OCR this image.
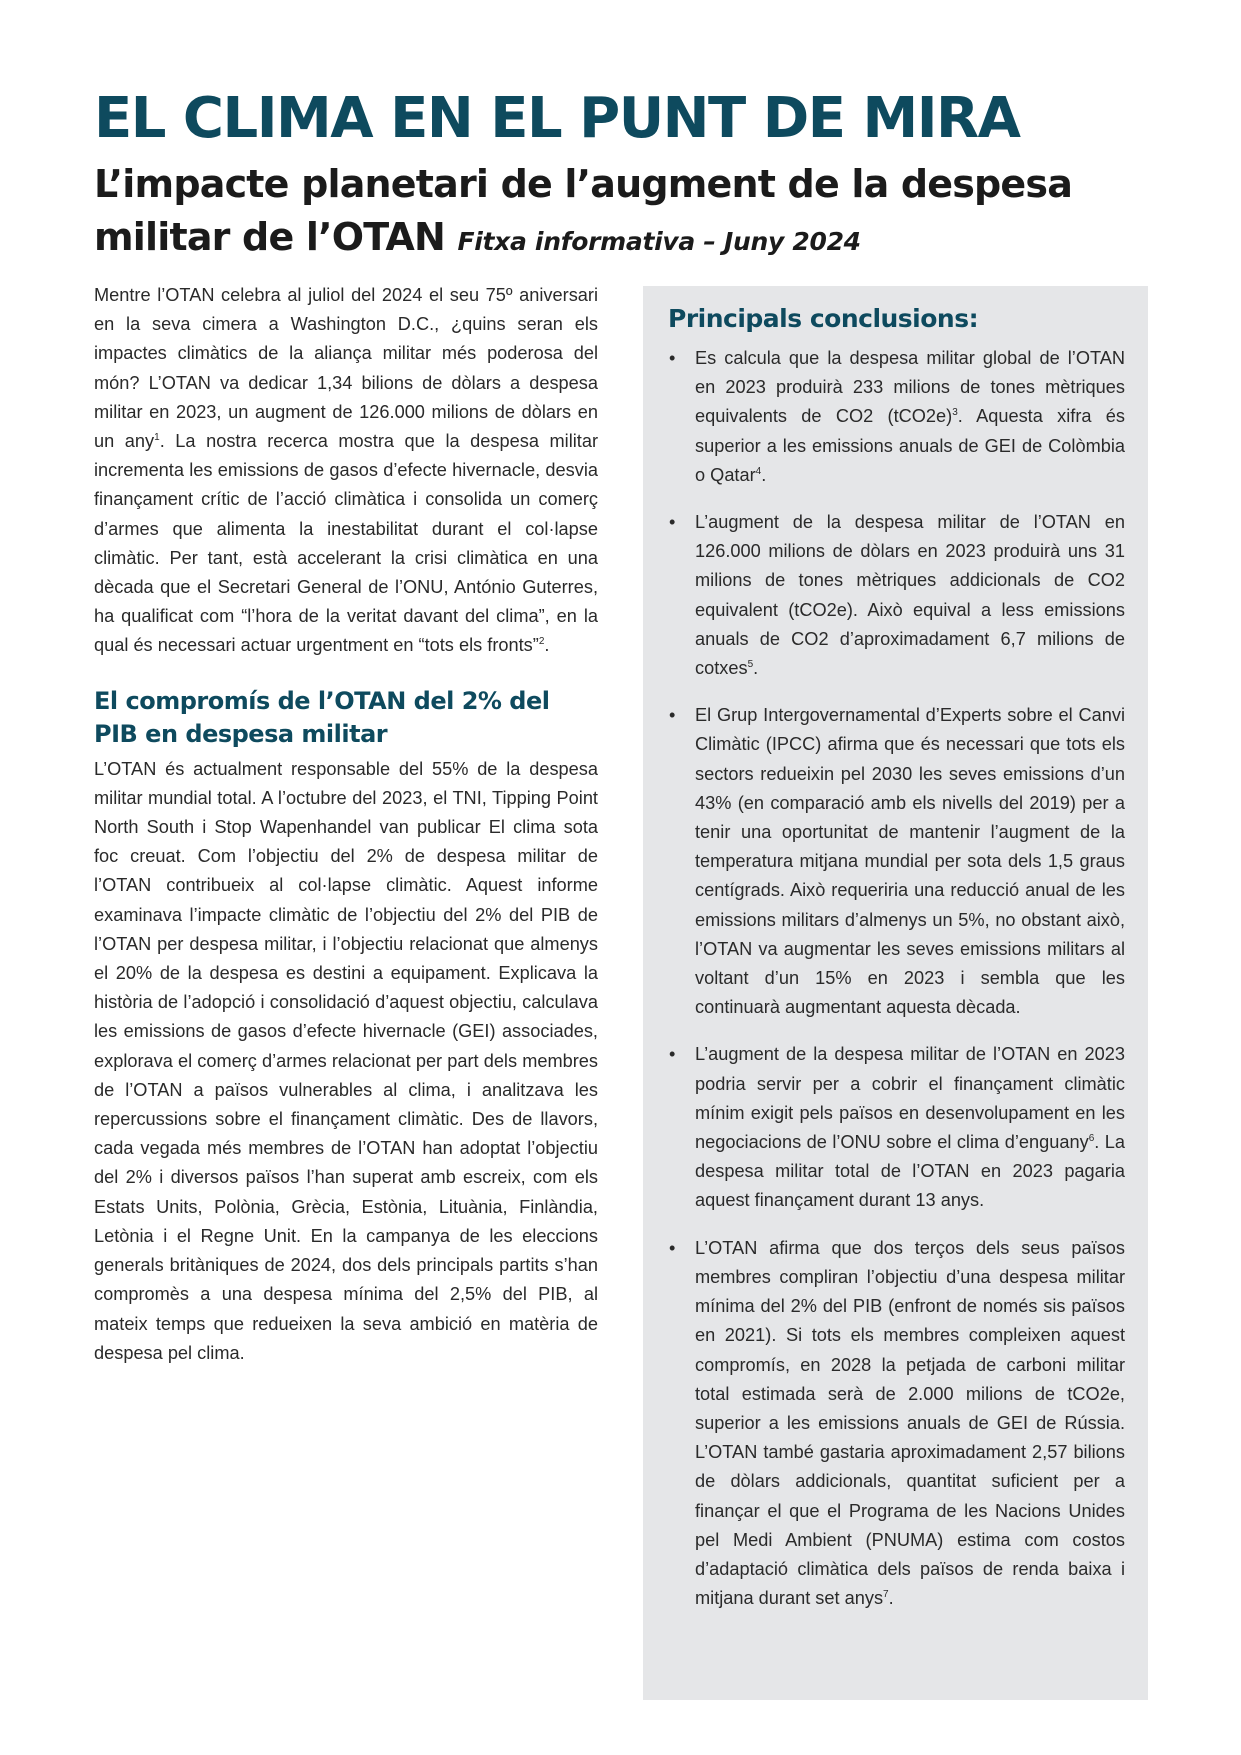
EL CLIMA EN EL PUNT DE MIRA
L’impacte planetari de l’augment de la despesa militar de l’OTAN Fitxa informativa – Juny 2024

Mentre l’OTAN celebra al juliol del 2024 el seu 75º aniversari en la seva cimera a Washington D.C., ¿quins seran els impactes climàtics de la aliança militar més poderosa del món? L’OTAN va dedicar 1,34 bilions de dòlars a despesa militar en 2023, un augment de 126.000 milions de dòlars en un any$^1$. La nostra recerca mostra que la despesa militar incrementa les emissions de gasos d’efecte hivernacle, desvia finançament crític de l’acció climàtica i consolida un comerç d’armes que alimenta la inestabilitat durant el col·lapse climàtic. Per tant, està accelerant la crisi climàtica en una dècada que el Secretari General de l’ONU, António Guterres, ha qualificat com “l’hora de la veritat davant del clima”, en la qual és necessari actuar urgentment en “tots els fronts”$^2$.

El compromís de l’OTAN del 2% del PIB en despesa militar

L’OTAN és actualment responsable del 55% de la despesa militar mundial total. A l’octubre del 2023, el TNI, Tipping Point North South i Stop Wapenhandel van publicar El clima sota foc creuat. Com l’objectiu del 2% de despesa militar de l’OTAN contribueix al col·lapse climàtic. Aquest informe examinava l’impacte climàtic de l’objectiu del 2% del PIB de l’OTAN per despesa militar, i l’objectiu relacionat que almenys el 20% de la despesa es destini a equipament. Explicava la història de l’adopció i consolidació d’aquest objectiu, calculava les emissions de gasos d’efecte hivernacle (GEI) associades, explorava el comerç d’armes relacionat per part dels membres de l’OTAN a països vulnerables al clima, i analitzava les repercussions sobre el finançament climàtic. Des de llavors, cada vegada més membres de l’OTAN han adoptat l’objectiu del 2% i diversos països l’han superat amb escreix, com els Estats Units, Polònia, Grècia, Estònia, Lituània, Finlàndia, Letònia i el Regne Unit. En la campanya de les eleccions generals britàniques de 2024, dos dels principals partits s’han compromès a una despesa mínima del 2,5% del PIB, al mateix temps que redueixen la seva ambició en matèria de despesa pel clima.

Principals conclusions:
• Es calcula que la despesa militar global de l’OTAN en 2023 produirà 233 milions de tones mètriques equivalents de CO2 $(tCO2e)^3$. Aquesta xifra és superior a les emissions anuals de GEI de Colòmbia o Qatar$^4$.
• L’augment de la despesa militar de l’OTAN en 126.000 milions de dòlars en 2023 produirà uns 31 milions de tones mètriques addicionals de CO2 equivalent (tCO2e). Això equival a less emissions anuals de CO2 d’aproximadament 6,7 milions de cotxes$^5$.
• El Grup Intergovernamental d’Experts sobre el Canvi Climàtic (IPCC) afirma que és necessari que tots els sectors redueixin pel 2030 les seves emissions d’un 43% (en comparació amb els nivells del 2019) per a tenir una oportunitat de mantenir l’augment de la temperatura mitjana mundial per sota dels 1,5 graus centígrads. Això requeriria una reducció anual de les emissions militars d’almenys un 5%, no obstant això, l’OTAN va augmentar les seves emissions militars al voltant d’un 15% en 2023 i sembla que les continuarà augmentant aquesta dècada.
• L’augment de la despesa militar de l’OTAN en 2023 podria servir per a cobrir el finançament climàtic mínim exigit pels països en desenvolupament en les negociacions de l’ONU sobre el clima d’enguany$^6$. La despesa militar total de l’OTAN en 2023 pagaria aquest finançament durant 13 anys.
• L’OTAN afirma que dos terços dels seus països membres compliran l’objectiu d’una despesa militar mínima del 2% del PIB (enfront de només sis països en 2021). Si tots els membres compleixen aquest compromís, en 2028 la petjada de carboni militar total estimada serà de 2.000 milions de tCO2e, superior a les emissions anuals de GEI de Rússia. L’OTAN també gastaria aproximadament 2,57 bilions de dòlars addicionals, quantitat suficient per a finançar el que el Programa de les Nacions Unides pel Medi Ambient (PNUMA) estima com costos d’adaptació climàtica dels països de renda baixa i mitjana durant set anys$^7$.
